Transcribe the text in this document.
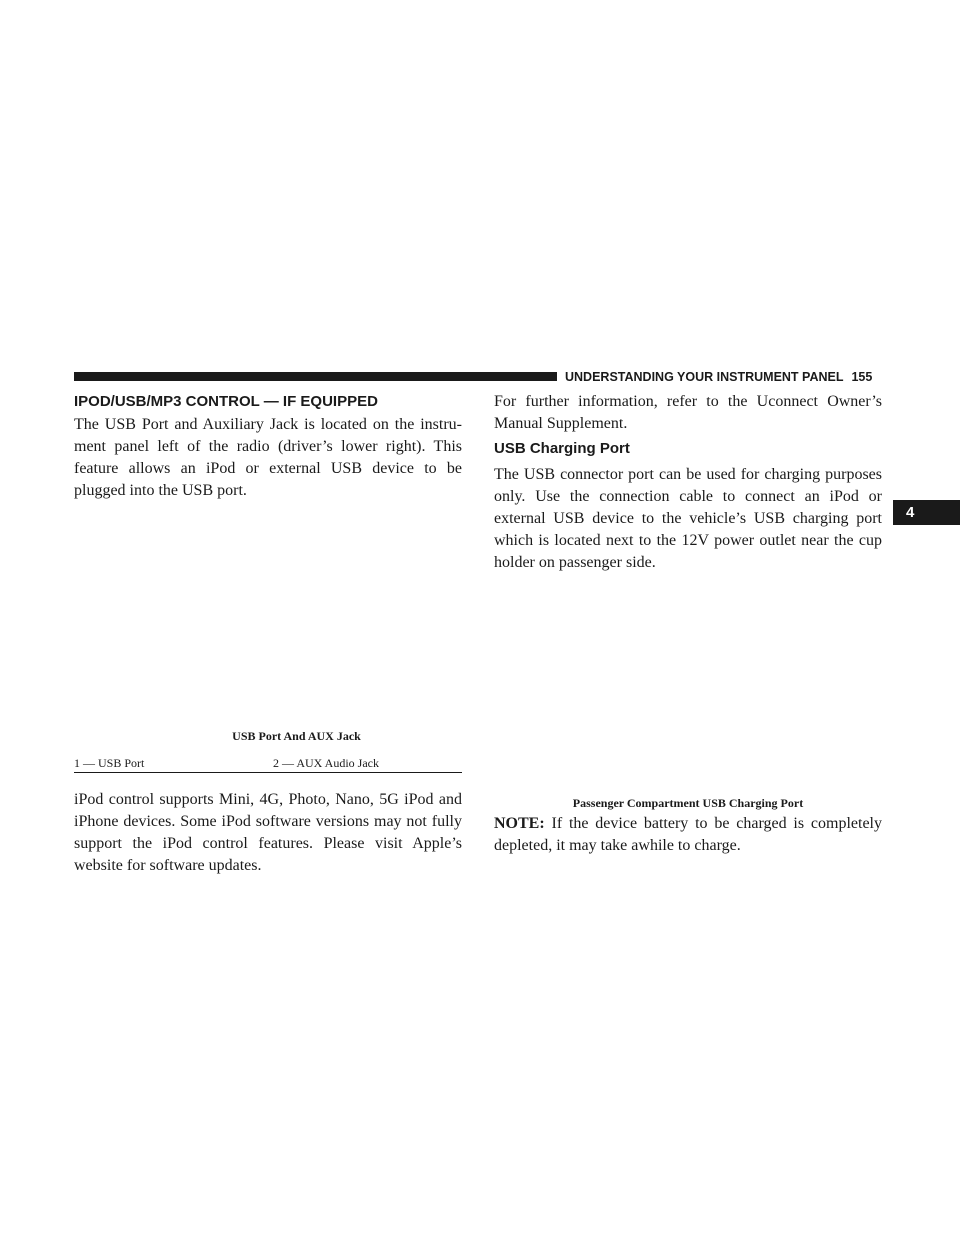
UNDERSTANDING YOUR INSTRUMENT PANEL 155
4
IPOD/USB/MP3 CONTROL — IF EQUIPPED

The USB Port and Auxiliary Jack is located on the instru-
ment panel left of the radio (driver’s lower right). This
feature allows an iPod or external USB device to be
plugged into the USB port.

USB Port And AUX Jack

1 — USB Port	2 — AUX Audio Jack

iPod control supports Mini, 4G, Photo, Nano, 5G iPod and
iPhone devices. Some iPod software versions may not fully
support the iPod control features. Please visit Apple’s
website for software updates.

For further information, refer to the Uconnect Owner’s
Manual Supplement.

USB Charging Port

The USB connector port can be used for charging purposes
only. Use the connection cable to connect an iPod or
external USB device to the vehicle’s USB charging port
which is located next to the 12V power outlet near the cup
holder on passenger side.

Passenger Compartment USB Charging Port

NOTE: If the device battery to be charged is completely
depleted, it may take awhile to charge.
